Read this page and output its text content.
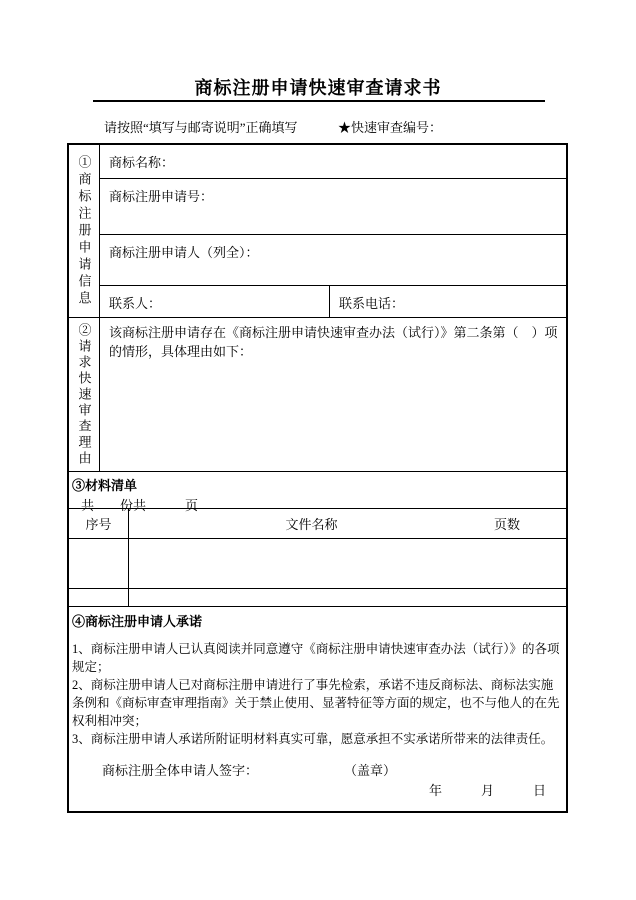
商标注册申请快速审查请求书
请按照“填写与邮寄说明”正确填写	★快速审查编号：
①商标注册申请信息	商标名称：
商标注册申请号：
商标注册申请人（列全）：
联系人：	联系电话：
②请求快速审查理由	该商标注册申请存在《商标注册申请快速审查办法（试行）》第二条第（　）项的情形，具体理由如下：
③材料清单
共　　份共　　　页
序号	文件名称	页数
④商标注册申请人承诺

1、商标注册申请人已认真阅读并同意遵守《商标注册申请快速审查办法（试行）》的各项规定；

2、商标注册申请人已对商标注册申请进行了事先检索，承诺不违反商标法、商标法实施条例和《商标审查审理指南》关于禁止使用、显著特征等方面的规定，也不与他人的在先权利相冲突；

3、商标注册申请人承诺所附证明材料真实可靠，愿意承担不实承诺所带来的法律责任。

商标注册全体申请人签字：	（盖章）
年　　　月　　　日
